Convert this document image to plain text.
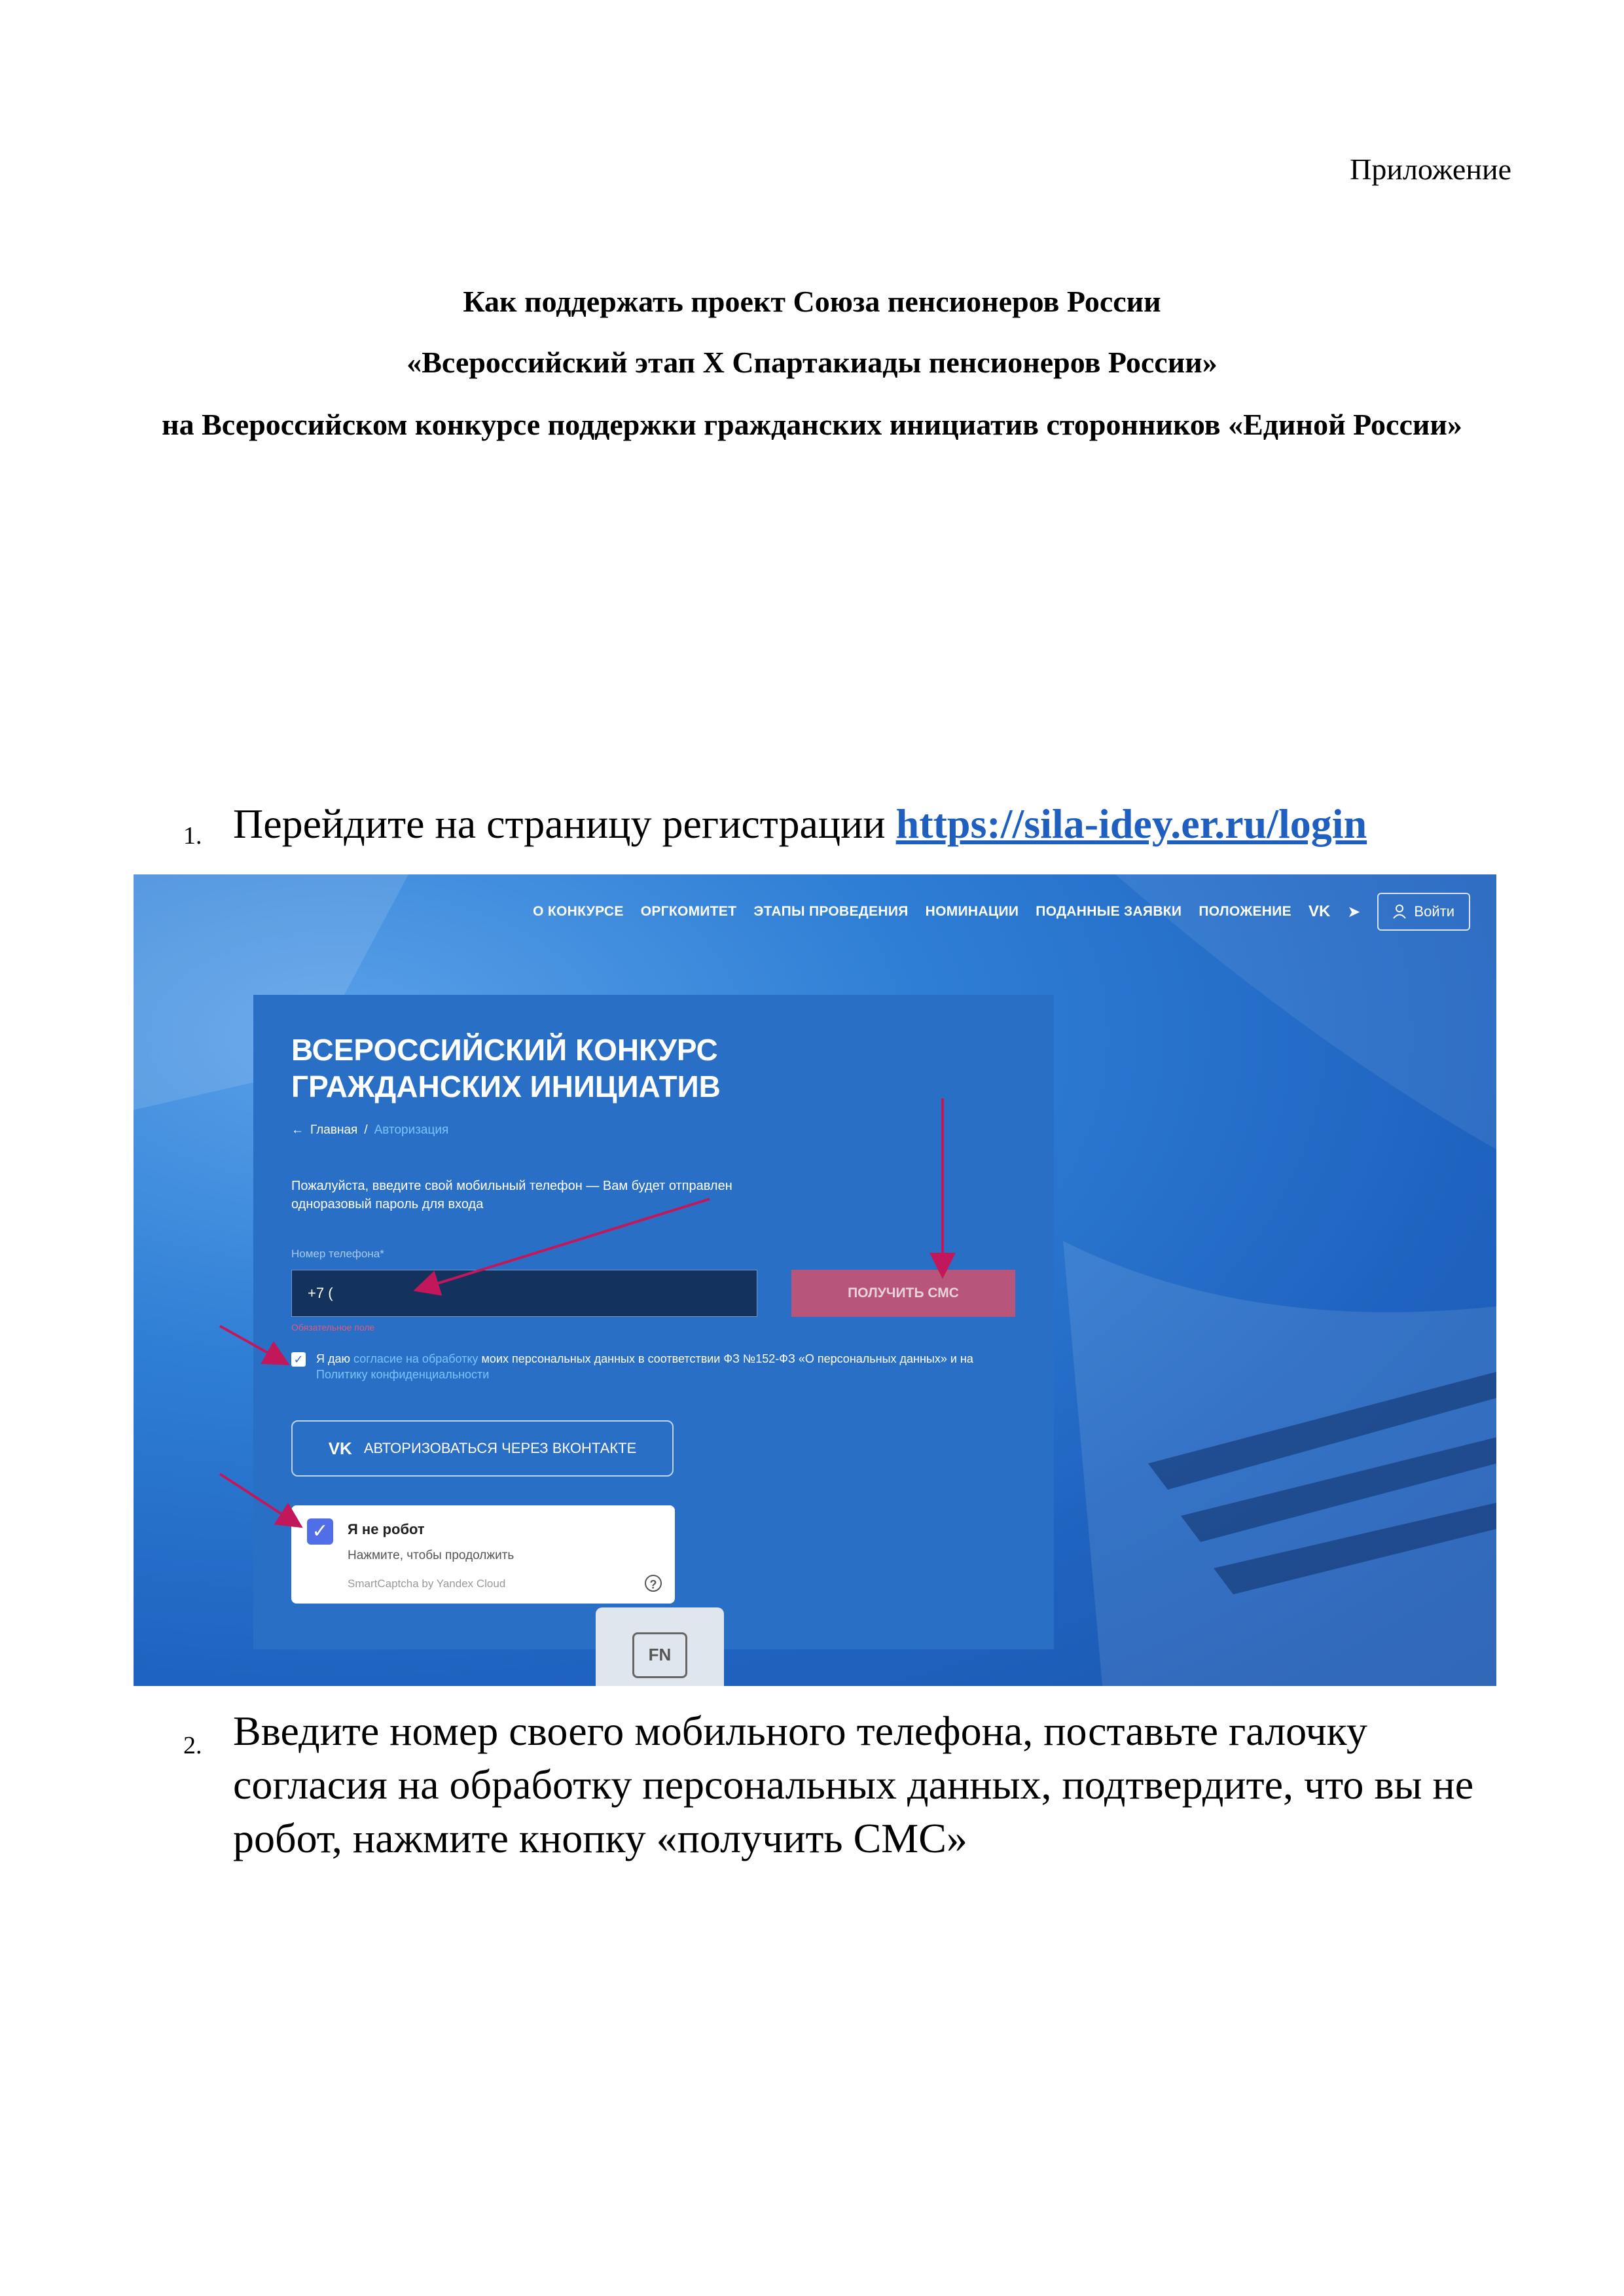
Приложение
Как поддержать проект Союза пенсионеров России
«Всероссийский этап X Спартакиады пенсионеров России»
на Всероссийском конкурсе поддержки гражданских инициатив сторонников «Единой России»
1. Перейдите на страницу регистрации https://sila-idey.er.ru/login
О КОНКУРСЕ ОРГКОМИТЕТ ЭТАПЫ ПРОВЕДЕНИЯ НОМИНАЦИИ ПОДАННЫЕ ЗАЯВКИ ПОЛОЖЕНИЕ VK ➤	Войти
ВСЕРОССИЙСКИЙ КОНКУРС ГРАЖДАНСКИХ ИНИЦИАТИВ
← Главная / Авторизация
Пожалуйста, введите свой мобильный телефон — Вам будет отправлен одноразовый пароль для входа
Номер телефона*
+7 (
Обязательное поле
ПОЛУЧИТЬ СМС
✓ Я даю согласие на обработку моих персональных данных в соответствии ФЗ №152-ФЗ «О персональных данных» и на Политику конфиденциальности
VK АВТОРИЗОВАТЬСЯ ЧЕРЕЗ ВКОНТАКТЕ
✓	Я не робот
Нажмите, чтобы продолжить
SmartCaptcha by Yandex Cloud	?
FN
2. Введите номер своего мобильного телефона, поставьте галочку согласия на обработку персональных данных, подтвердите, что вы не робот, нажмите кнопку «получить СМС»
